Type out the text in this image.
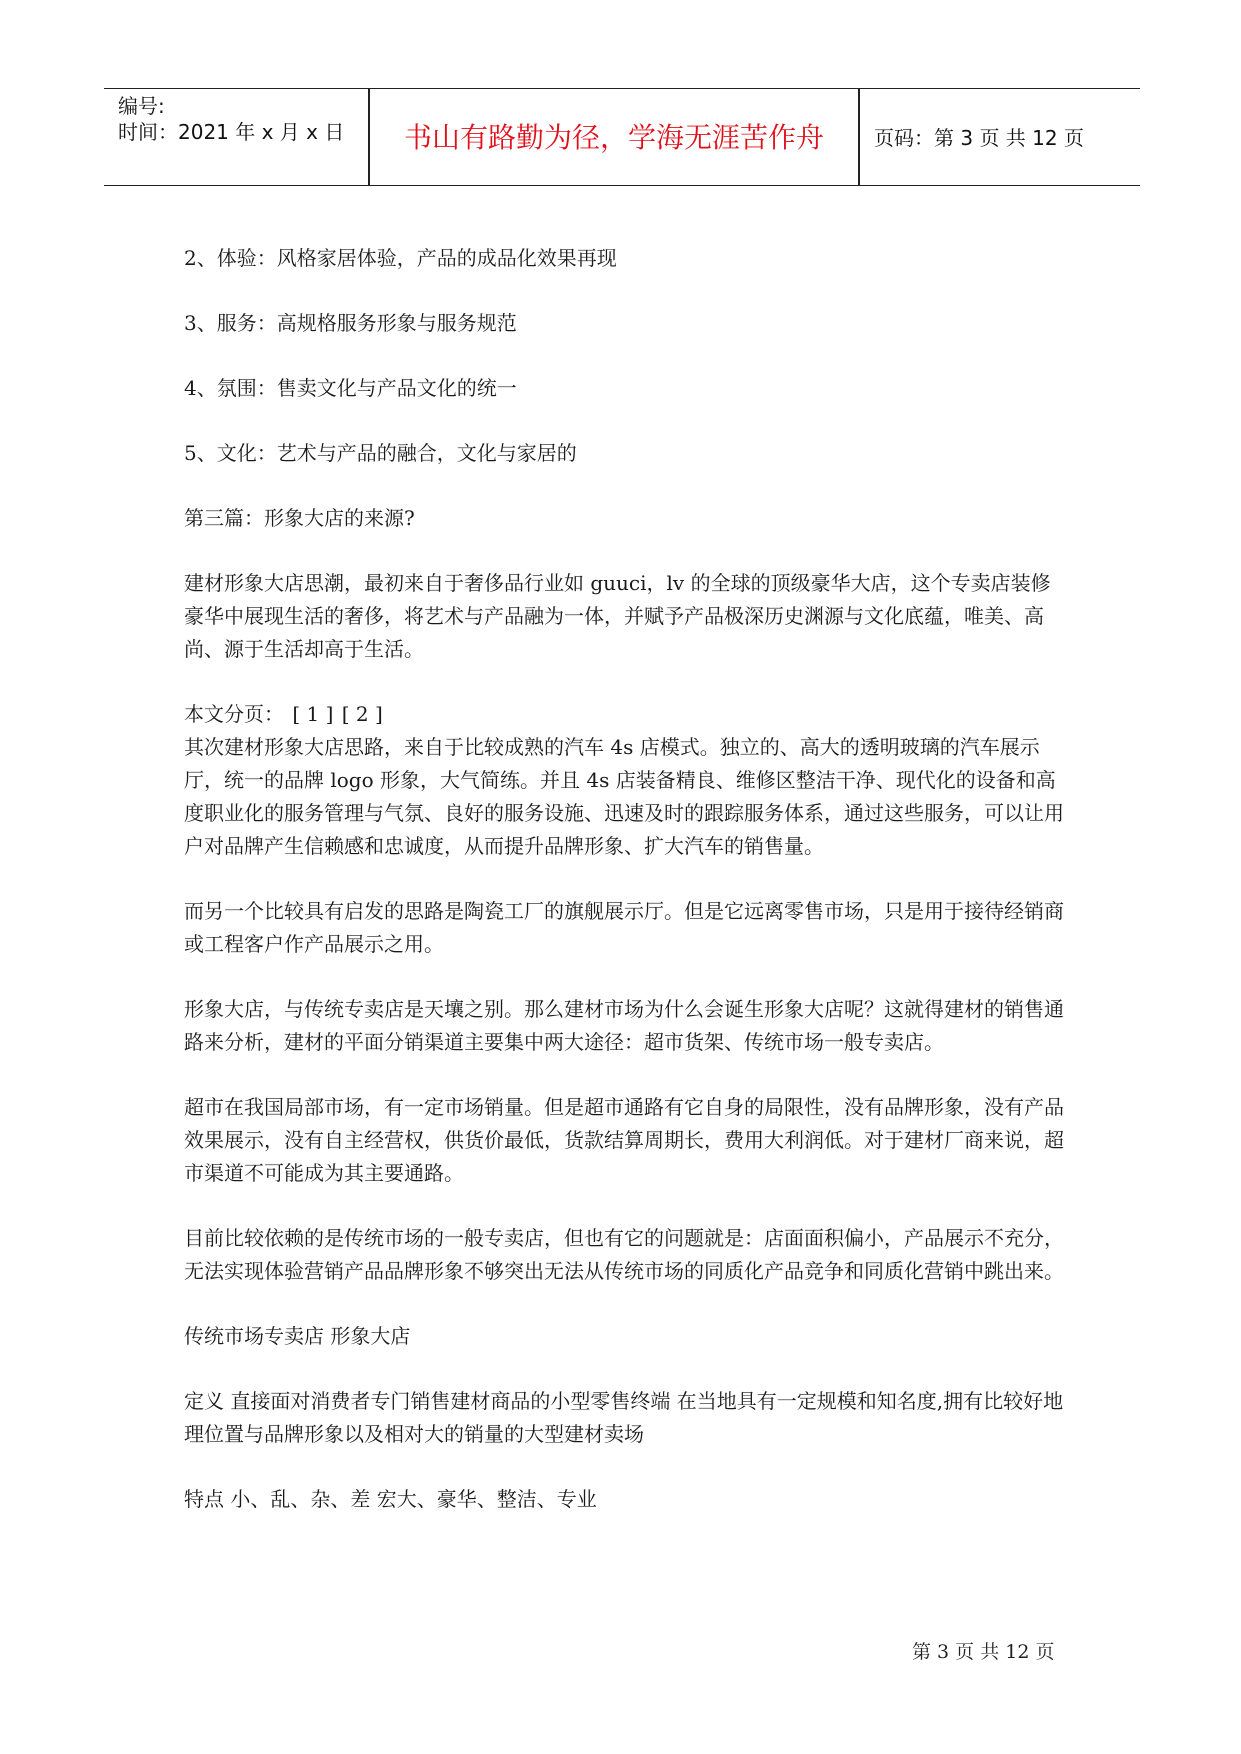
编号:
时间：2021 年 x 月 x 日	书山有路勤为径，学海无涯苦作舟	页码：第 3 页 共 12 页

2、体验：风格家居体验，产品的成品化效果再现

3、服务：高规格服务形象与服务规范

4、氛围：售卖文化与产品文化的统一

5、文化：艺术与产品的融合，文化与家居的

第三篇：形象大店的来源?

建材形象大店思潮，最初来自于奢侈品行业如 guuci，lv 的全球的顶级豪华大店，这个专卖店装修豪华中展现生活的奢侈，将艺术与产品融为一体，并赋予产品极深历史渊源与文化底蕴，唯美、高尚、源于生活却高于生活。

本文分页： [ 1 ] [ 2 ]

其次建材形象大店思路，来自于比较成熟的汽车 4s 店模式。独立的、高大的透明玻璃的汽车展示厅，统一的品牌 logo 形象，大气简练。并且 4s 店装备精良、维修区整洁干净、现代化的设备和高度职业化的服务管理与气氛、良好的服务设施、迅速及时的跟踪服务体系，通过这些服务，可以让用户对品牌产生信赖感和忠诚度，从而提升品牌形象、扩大汽车的销售量。

而另一个比较具有启发的思路是陶瓷工厂的旗舰展示厅。但是它远离零售市场，只是用于接待经销商或工程客户作产品展示之用。

形象大店，与传统专卖店是天壤之别。那么建材市场为什么会诞生形象大店呢？这就得建材的销售通路来分析，建材的平面分销渠道主要集中两大途径：超市货架、传统市场一般专卖店。

超市在我国局部市场，有一定市场销量。但是超市通路有它自身的局限性，没有品牌形象，没有产品效果展示，没有自主经营权，供货价最低，货款结算周期长，费用大利润低。对于建材厂商来说，超市渠道不可能成为其主要通路。

目前比较依赖的是传统市场的一般专卖店，但也有它的问题就是：店面面积偏小，产品展示不充分，无法实现体验营销产品品牌形象不够突出无法从传统市场的同质化产品竞争和同质化营销中跳出来。

传统市场专卖店 形象大店

定义 直接面对消费者专门销售建材商品的小型零售终端 在当地具有一定规模和知名度,拥有比较好地理位置与品牌形象以及相对大的销量的大型建材卖场

特点 小、乱、杂、差 宏大、豪华、整洁、专业

第 3 页 共 12 页
